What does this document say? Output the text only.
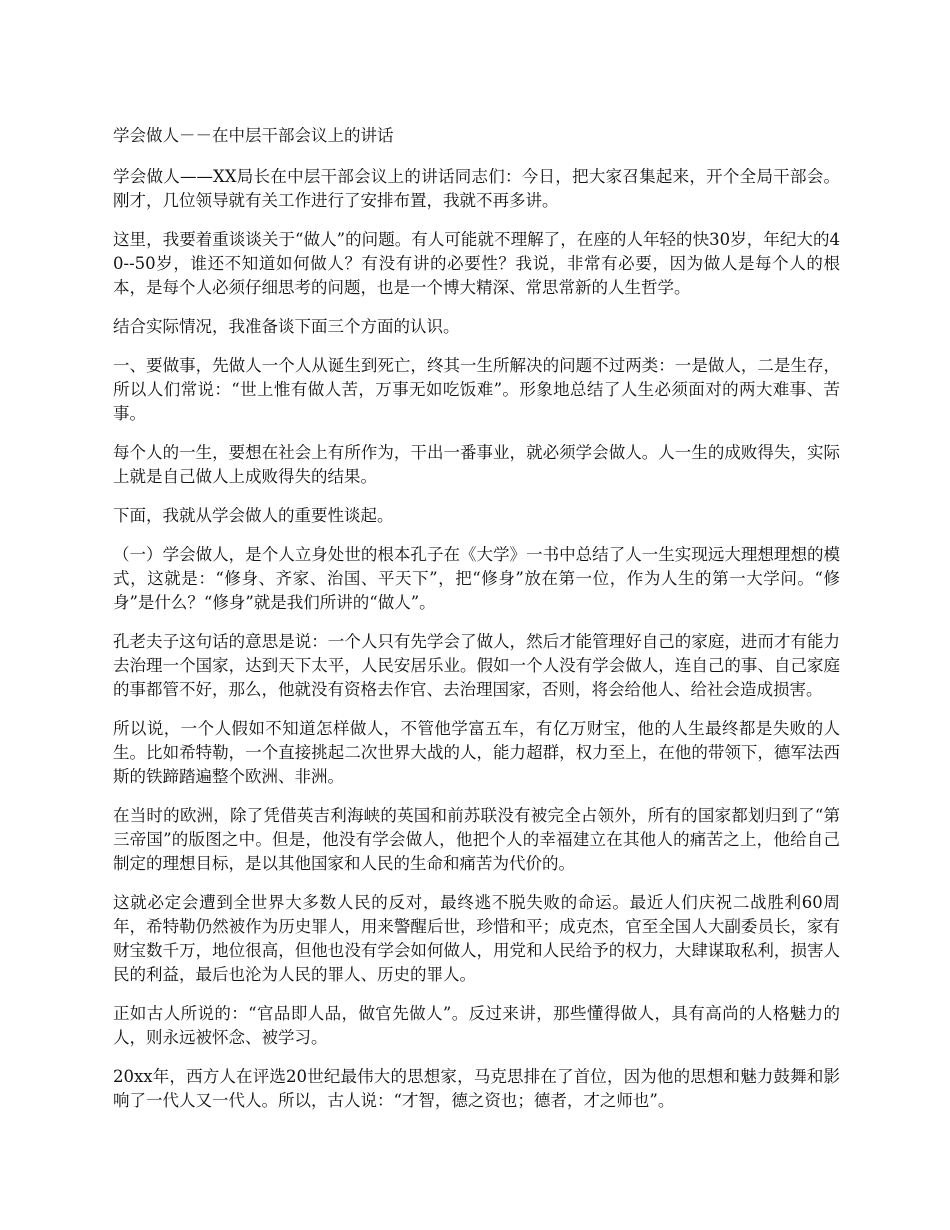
学会做人－－在中层干部会议上的讲话

学会做人——XX局长在中层干部会议上的讲话同志们：今日，把大家召集起来，开个全局干部会。刚才，几位领导就有关工作进行了安排布置，我就不再多讲。

这里，我要着重谈谈关于“做人”的问题。有人可能就不理解了，在座的人年轻的快30岁，年纪大的40--50岁，谁还不知道如何做人？有没有讲的必要性？我说，非常有必要，因为做人是每个人的根本，是每个人必须仔细思考的问题，也是一个博大精深、常思常新的人生哲学。

结合实际情况，我准备谈下面三个方面的认识。

一、要做事，先做人一个人从诞生到死亡，终其一生所解决的问题不过两类：一是做人，二是生存，所以人们常说：“世上惟有做人苦，万事无如吃饭难”。形象地总结了人生必须面对的两大难事、苦事。

每个人的一生，要想在社会上有所作为，干出一番事业，就必须学会做人。人一生的成败得失，实际上就是自己做人上成败得失的结果。

下面，我就从学会做人的重要性谈起。

（一）学会做人，是个人立身处世的根本孔子在《大学》一书中总结了人一生实现远大理想理想的模式，这就是：“修身、齐家、治国、平天下”，把“修身”放在第一位，作为人生的第一大学问。“修身”是什么？“修身”就是我们所讲的“做人”。

孔老夫子这句话的意思是说：一个人只有先学会了做人，然后才能管理好自己的家庭，进而才有能力去治理一个国家，达到天下太平，人民安居乐业。假如一个人没有学会做人，连自己的事、自己家庭的事都管不好，那么，他就没有资格去作官、去治理国家，否则，将会给他人、给社会造成损害。

所以说，一个人假如不知道怎样做人，不管他学富五车，有亿万财宝，他的人生最终都是失败的人生。比如希特勒，一个直接挑起二次世界大战的人，能力超群，权力至上，在他的带领下，德军法西斯的铁蹄踏遍整个欧洲、非洲。

在当时的欧洲，除了凭借英吉利海峡的英国和前苏联没有被完全占领外，所有的国家都划归到了“第三帝国”的版图之中。但是，他没有学会做人，他把个人的幸福建立在其他人的痛苦之上，他给自己制定的理想目标，是以其他国家和人民的生命和痛苦为代价的。

这就必定会遭到全世界大多数人民的反对，最终逃不脱失败的命运。最近人们庆祝二战胜利60周年，希特勒仍然被作为历史罪人，用来警醒后世，珍惜和平；成克杰，官至全国人大副委员长，家有财宝数千万，地位很高，但他也没有学会如何做人，用党和人民给予的权力，大肆谋取私利，损害人民的利益，最后也沦为人民的罪人、历史的罪人。

正如古人所说的：“官品即人品，做官先做人”。反过来讲，那些懂得做人，具有高尚的人格魅力的人，则永远被怀念、被学习。

20xx年，西方人在评选20世纪最伟大的思想家，马克思排在了首位，因为他的思想和魅力鼓舞和影响了一代人又一代人。所以，古人说：“才智，德之资也；德者，才之师也”。
